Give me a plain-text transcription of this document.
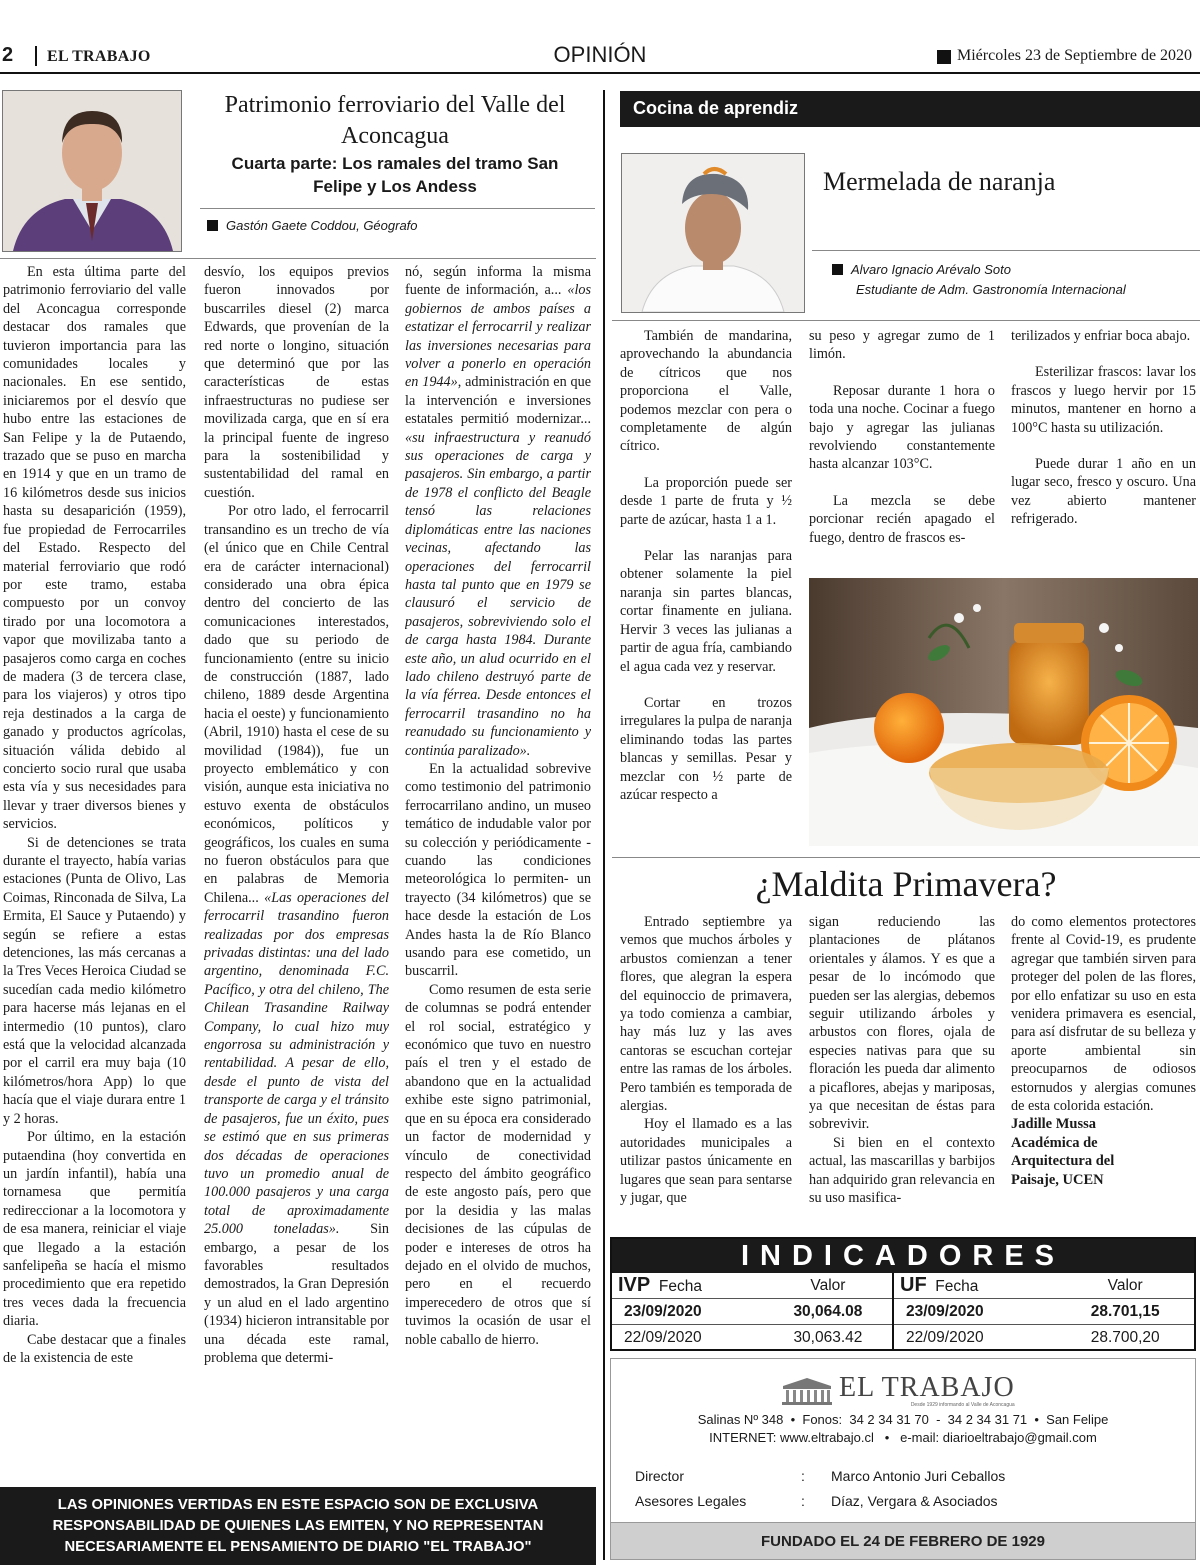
2 EL TRABAJO	OPINIÓN	Miércoles 23 de Septiembre de 2020
Patrimonio ferroviario del Valle del Aconcagua
Cuarta parte: Los ramales del tramo San Felipe y Los Andess
Gastón Gaete Coddou, Géografo

En esta última parte del patrimonio ferroviario del valle del Aconcagua corresponde destacar dos ramales que tuvieron importancia para las comunidades locales y nacionales. En ese sentido, iniciaremos por el desvío que hubo entre las estaciones de San Felipe y la de Putaendo, trazado que se puso en marcha en 1914 y que en un tramo de 16 kilómetros desde sus inicios hasta su desaparición (1959), fue propiedad de Ferrocarriles del Estado. Respecto del material ferroviario que rodó por este tramo, estaba compuesto por un convoy tirado por una locomotora a vapor que movilizaba tanto a pasajeros como carga en coches de madera (3 de tercera clase, para los viajeros) y otros tipo reja destinados a la carga de ganado y productos agrícolas, situación válida debido al concierto socio rural que usaba esta vía y sus necesidades para llevar y traer diversos bienes y servicios.

Si de detenciones se trata durante el trayecto, había varias estaciones (Punta de Olivo, Las Coimas, Rinconada de Silva, La Ermita, El Sauce y Putaendo) y según se refiere a estas detenciones, las más cercanas a la Tres Veces Heroica Ciudad se sucedían cada medio kilómetro para hacerse más lejanas en el intermedio (10 puntos), claro está que la velocidad alcanzada por el carril era muy baja (10 kilómetros/hora App) lo que hacía que el viaje durara entre 1 y 2 horas.

Por último, en la estación putaendina (hoy convertida en un jardín infantil), había una tornamesa que permitía redireccionar a la locomotora y de esa manera, reiniciar el viaje que llegado a la estación sanfelipeña se hacía el mismo procedimiento que era repetido tres veces dada la frecuencia diaria.

Cabe destacar que a finales de la existencia de este

desvío, los equipos previos fueron innovados por buscarriles diesel (2) marca Edwards, que provenían de la red norte o longino, situación que determinó que por las características de estas infraestructuras no pudiese ser movilizada carga, que en sí era la principal fuente de ingreso para la sostenibilidad y sustentabilidad del ramal en cuestión.

Por otro lado, el ferrocarril transandino es un trecho de vía (el único que en Chile Central era de carácter internacional) considerado una obra épica dentro del concierto de las comunicaciones interestados, dado que su periodo de funcionamiento (entre su inicio de construcción (1887, lado chileno, 1889 desde Argentina hacia el oeste) y funcionamiento (Abril, 1910) hasta el cese de su movilidad (1984)), fue un proyecto emblemático y con visión, aunque esta iniciativa no estuvo exenta de obstáculos económicos, políticos y geográficos, los cuales en suma no fueron obstáculos para que en palabras de Memoria Chilena... «Las operaciones del ferrocarril trasandino fueron realizadas por dos empresas privadas distintas: una del lado argentino, denominada F.C. Pacífico, y otra del chileno, The Chilean Trasandine Railway Company, lo cual hizo muy engorrosa su administración y rentabilidad. A pesar de ello, desde el punto de vista del transporte de carga y el tránsito de pasajeros, fue un éxito, pues se estimó que en sus primeras dos décadas de operaciones tuvo un promedio anual de 100.000 pasajeros y una carga total de aproximadamente 25.000 toneladas». Sin embargo, a pesar de los favorables resultados demostrados, la Gran Depresión y un alud en el lado argentino (1934) hicieron intransitable por una década este ramal, problema que determi-

nó, según informa la misma fuente de información, a... «los gobiernos de ambos países a estatizar el ferrocarril y realizar las inversiones necesarias para volver a ponerlo en operación en 1944», administración en que la intervención e inversiones estatales permitió modernizar... «su infraestructura y reanudó sus operaciones de carga y pasajeros. Sin embargo, a partir de 1978 el conflicto del Beagle tensó las relaciones diplomáticas entre las naciones vecinas, afectando las operaciones del ferrocarril hasta tal punto que en 1979 se clausuró el servicio de pasajeros, sobreviviendo solo el de carga hasta 1984. Durante este año, un alud ocurrido en el lado chileno destruyó parte de la vía férrea. Desde entonces el ferrocarril trasandino no ha reanudado su funcionamiento y continúa paralizado».

En la actualidad sobrevive como testimonio del patrimonio ferrocarrilano andino, un museo temático de indudable valor por su colección y periódicamente -cuando las condiciones meteorológica lo permiten- un trayecto (34 kilómetros) que se hace desde la estación de Los Andes hasta la de Río Blanco usando para ese cometido, un buscarril.

Como resumen de esta serie de columnas se podrá entender el rol social, estratégico y económico que tuvo en nuestro país el tren y el estado de abandono que en la actualidad exhibe este signo patrimonial, que en su época era considerado un factor de modernidad y vínculo de conectividad respecto del ámbito geográfico de este angosto país, pero que por la desidia y las malas decisiones de las cúpulas de poder e intereses de otros ha dejado en el olvido de muchos, pero en el recuerdo imperecedero de otros que sí tuvimos la ocasión de usar el noble caballo de hierro.

LAS OPINIONES VERTIDAS EN ESTE ESPACIO SON DE EXCLUSIVA RESPONSABILIDAD DE QUIENES LAS EMITEN, Y NO REPRESENTAN NECESARIAMENTE EL PENSAMIENTO DE DIARIO "EL TRABAJO"
Cocina de aprendiz
Mermelada de naranja
Alvaro Ignacio Arévalo Soto
Estudiante de Adm. Gastronomía Internacional

También de mandarina, aprovechando la abundancia de cítricos que nos proporciona el Valle, podemos mezclar con pera o completamente de algún cítrico.

La proporción puede ser desde 1 parte de fruta y ½ parte de azúcar, hasta 1 a 1.

Pelar las naranjas para obtener solamente la piel naranja sin partes blancas, cortar finamente en juliana. Hervir 3 veces las julianas a partir de agua fría, cambiando el agua cada vez y reservar.

Cortar en trozos irregulares la pulpa de naranja eliminando todas las partes blancas y semillas. Pesar y mezclar con ½ parte de azúcar respecto a

su peso y agregar zumo de 1 limón.

Reposar durante 1 hora o toda una noche. Cocinar a fuego bajo y agregar las julianas revolviendo constantemente hasta alcanzar 103°C.

La mezcla se debe porcionar recién apagado el fuego, dentro de frascos es-

terilizados y enfriar boca abajo.

Esterilizar frascos: lavar los frascos y luego hervir por 15 minutos, mantener en horno a 100°C hasta su utilización.

Puede durar 1 año en un lugar seco, fresco y oscuro. Una vez abierto mantener refrigerado.

¿Maldita Primavera?

Entrado septiembre ya vemos que muchos árboles y arbustos comienzan a tener flores, que alegran la espera del equinoccio de primavera, ya todo comienza a cambiar, hay más luz y las aves cantoras se escuchan cortejar entre las ramas de los árboles. Pero también es temporada de alergias.

Hoy el llamado es a las autoridades municipales a utilizar pastos únicamente en lugares que sean para sentarse y jugar, que

sigan reduciendo las plantaciones de plátanos orientales y álamos. Y es que a pesar de lo incómodo que pueden ser las alergias, debemos seguir utilizando árboles y arbustos con flores, ojala de especies nativas para que su floración les pueda dar alimento a picaflores, abejas y mariposas, ya que necesitan de éstas para sobrevivir.

Si bien en el contexto actual, las mascarillas y barbijos han adquirido gran relevancia en su uso masifica-

do como elementos protectores frente al Covid-19, es prudente agregar que también sirven para proteger del polen de las flores, por ello enfatizar su uso en esta venidera primavera es esencial, para así disfrutar de su belleza y aporte ambiental sin preocuparnos de odiosos estornudos y alergias comunes de esta colorida estación.

Jadille Mussa
Académica de
Arquitectura del
Paisaje, UCEN
INDICADORES
IVP Fecha	Valor
23/09/2020	30,064.08
22/09/2020	30,063.42
UF Fecha	Valor
23/09/2020	28.701,15
22/09/2020	28.700,20
EL TRABAJO
Desde 1929 informando al Valle de Aconcagua
Salinas Nº 348  •  Fonos:  34 2 34 31 70  -  34 2 34 31 71  •  San Felipe
INTERNET: www.eltrabajo.cl   •   e-mail: diarioeltrabajo@gmail.com
Director	: Marco Antonio Juri Ceballos
Asesores Legales	: Díaz, Vergara & Asociados
FUNDADO EL 24 DE FEBRERO DE 1929
